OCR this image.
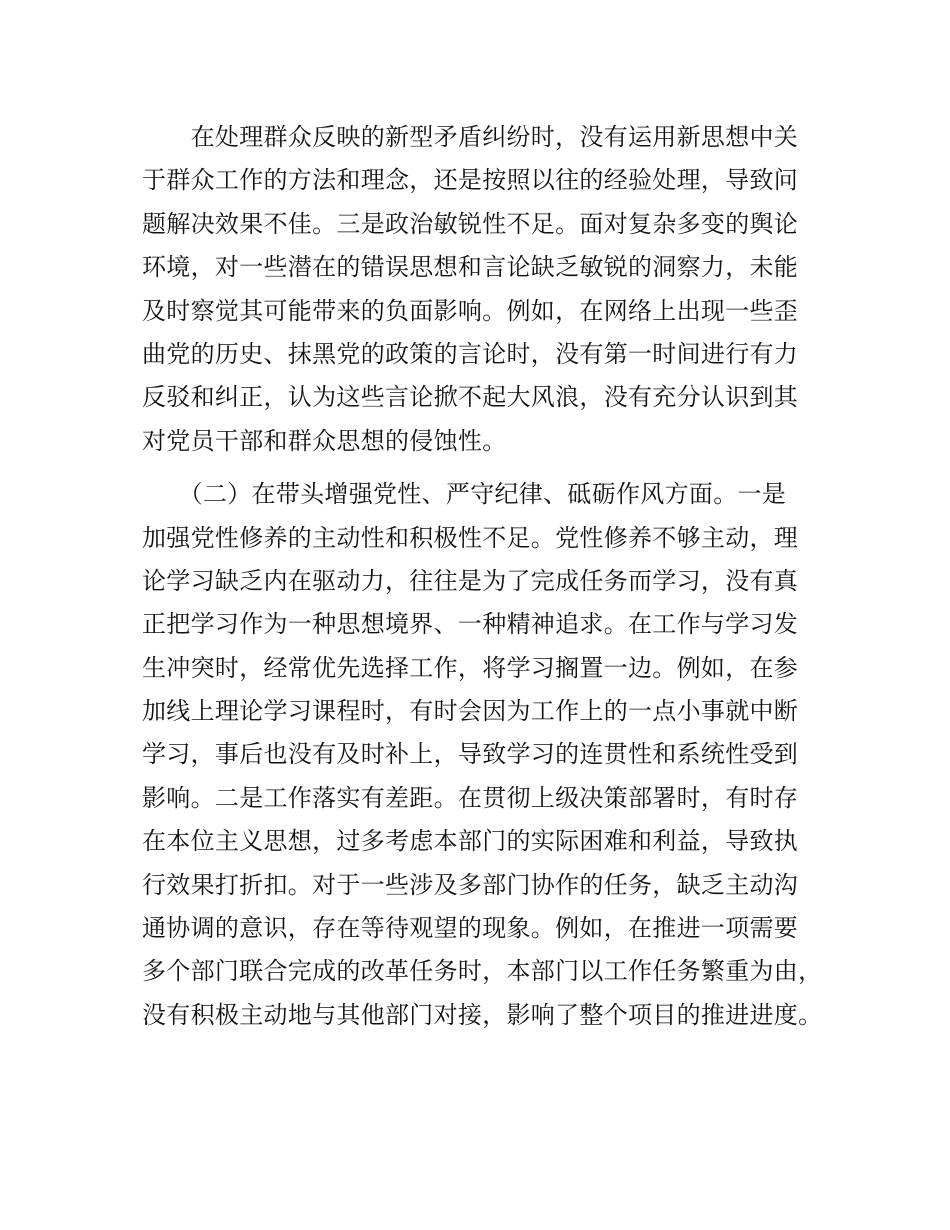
　　在处理群众反映的新型矛盾纠纷时，没有运用新思想中关
于群众工作的方法和理念，还是按照以往的经验处理，导致问
题解决效果不佳。三是政治敏锐性不足。面对复杂多变的舆论
环境，对一些潜在的错误思想和言论缺乏敏锐的洞察力，未能
及时察觉其可能带来的负面影响。例如，在网络上出现一些歪
曲党的历史、抹黑党的政策的言论时，没有第一时间进行有力
反驳和纠正，认为这些言论掀不起大风浪，没有充分认识到其
对党员干部和群众思想的侵蚀性。
　　（二）在带头增强党性、严守纪律、砥砺作风方面。一是
加强党性修养的主动性和积极性不足。党性修养不够主动，理
论学习缺乏内在驱动力，往往是为了完成任务而学习，没有真
正把学习作为一种思想境界、一种精神追求。在工作与学习发
生冲突时，经常优先选择工作，将学习搁置一边。例如，在参
加线上理论学习课程时，有时会因为工作上的一点小事就中断
学习，事后也没有及时补上，导致学习的连贯性和系统性受到
影响。二是工作落实有差距。在贯彻上级决策部署时，有时存
在本位主义思想，过多考虑本部门的实际困难和利益，导致执
行效果打折扣。对于一些涉及多部门协作的任务，缺乏主动沟
通协调的意识，存在等待观望的现象。例如，在推进一项需要
多个部门联合完成的改革任务时，本部门以工作任务繁重为由，
没有积极主动地与其他部门对接，影响了整个项目的推进进度。
